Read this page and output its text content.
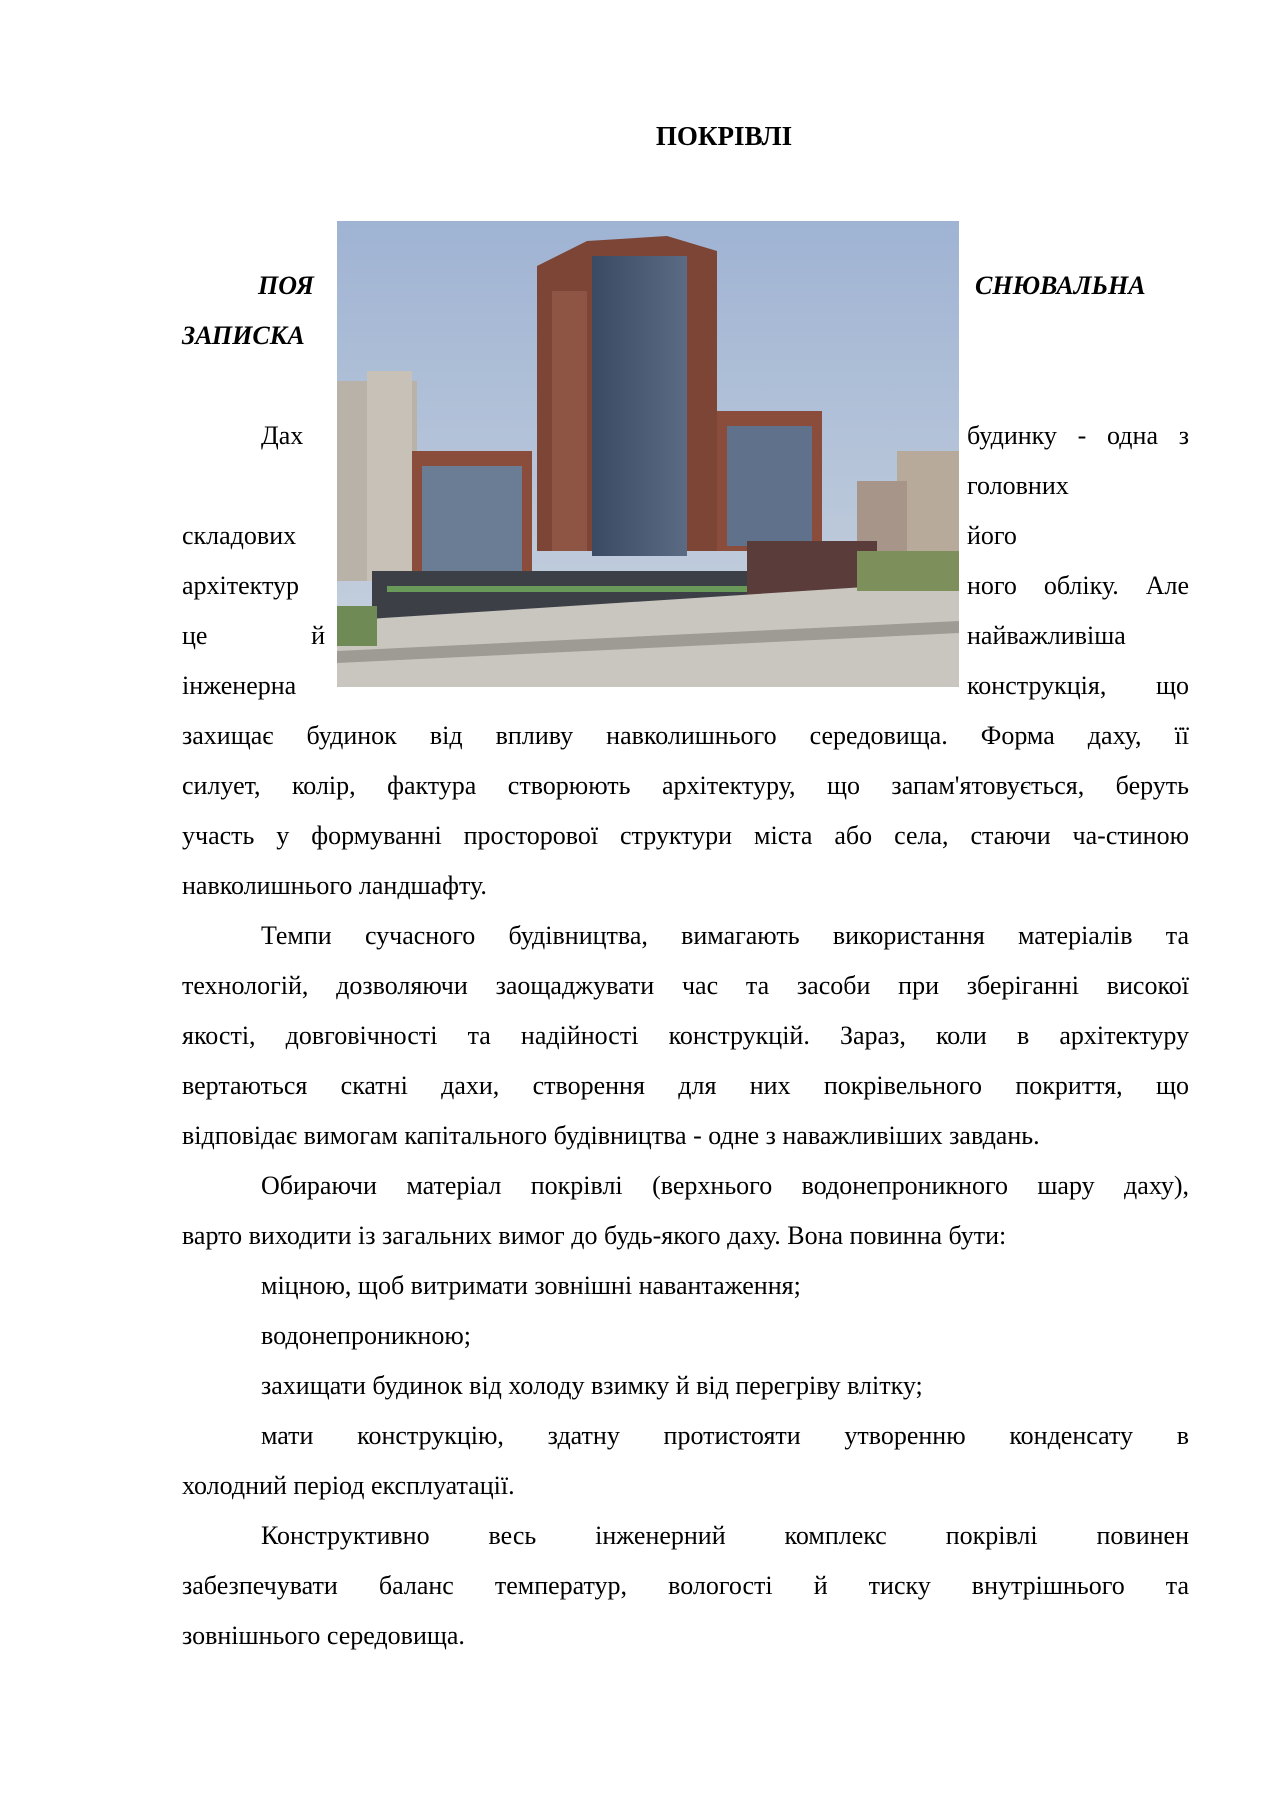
ПОКРІВЛІ
ПОЯ	СНЮВАЛЬНА
ЗАПИСКА
Дах	будинку - одна з
головних
складових	його
архітектур	ного обліку. Але
це й	найважливіша
інженерна	конструкція, що
захищає будинок від впливу навколишнього середовища. Форма даху, її
силует, колір, фактура створюють архітектуру, що запам'ятовується, беруть
участь у формуванні просторової структури міста або села, стаючи ча-стиною
навколишнього ландшафту.
Темпи сучасного будівництва, вимагають використання матеріалів та
технологій, дозволяючи заощаджувати час та засоби при зберіганні високої
якості, довговічності та надійності конструкцій. Зараз, коли в архітектуру
вертаються скатні дахи, створення для них покрівельного покриття, що
відповідає вимогам капітального будівництва - одне з наважливіших завдань.
Обираючи матеріал покрівлі (верхнього водонепроникного шару даху),
варто виходити із загальних вимог до будь-якого даху. Вона повинна бути:
міцною, щоб витримати зовнішні навантаження;
водонепроникною;
захищати будинок від холоду взимку й від перегріву влітку;
мати конструкцію, здатну протистояти утворенню конденсату в
холодний період експлуатації.
Конструктивно весь інженерний комплекс покрівлі повинен
забезпечувати баланс температур, вологості й тиску внутрішнього та
зовнішнього середовища.
